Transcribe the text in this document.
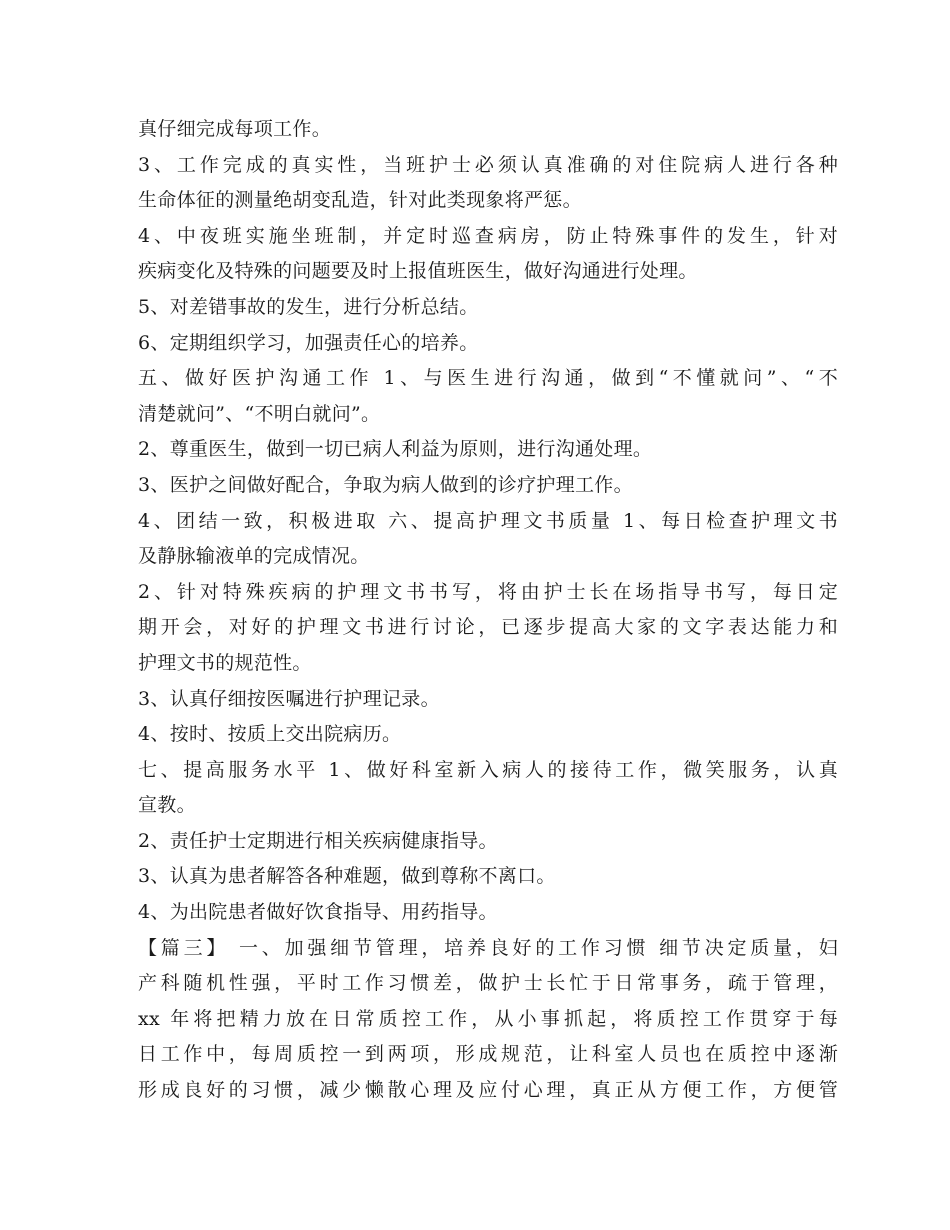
真仔细完成每项工作。
3、工作完成的真实性，当班护士必须认真准确的对住院病人进行各种
生命体征的测量绝胡变乱造，针对此类现象将严惩。
4、中夜班实施坐班制，并定时巡查病房，防止特殊事件的发生，针对
疾病变化及特殊的问题要及时上报值班医生，做好沟通进行处理。
5、对差错事故的发生，进行分析总结。
6、定期组织学习，加强责任心的培养。
五、做好医护沟通工作 1、与医生进行沟通，做到“不懂就问”、“不
清楚就问”、“不明白就问”。
2、尊重医生，做到一切已病人利益为原则，进行沟通处理。
3、医护之间做好配合，争取为病人做到的诊疗护理工作。
4、团结一致，积极进取 六、提高护理文书质量 1、每日检查护理文书
及静脉输液单的完成情况。
2、针对特殊疾病的护理文书书写，将由护士长在场指导书写，每日定
期开会，对好的护理文书进行讨论，已逐步提高大家的文字表达能力和
护理文书的规范性。
3、认真仔细按医嘱进行护理记录。
4、按时、按质上交出院病历。
七、提高服务水平 1、做好科室新入病人的接待工作，微笑服务，认真
宣教。
2、责任护士定期进行相关疾病健康指导。
3、认真为患者解答各种难题，做到尊称不离口。
4、为出院患者做好饮食指导、用药指导。
【篇三】 一、加强细节管理，培养良好的工作习惯 细节决定质量，妇
产科随机性强，平时工作习惯差，做护士长忙于日常事务，疏于管理，
xx 年将把精力放在日常质控工作，从小事抓起，将质控工作贯穿于每
日工作中，每周质控一到两项，形成规范，让科室人员也在质控中逐渐
形成良好的习惯，减少懒散心理及应付心理，真正从方便工作，方便管
